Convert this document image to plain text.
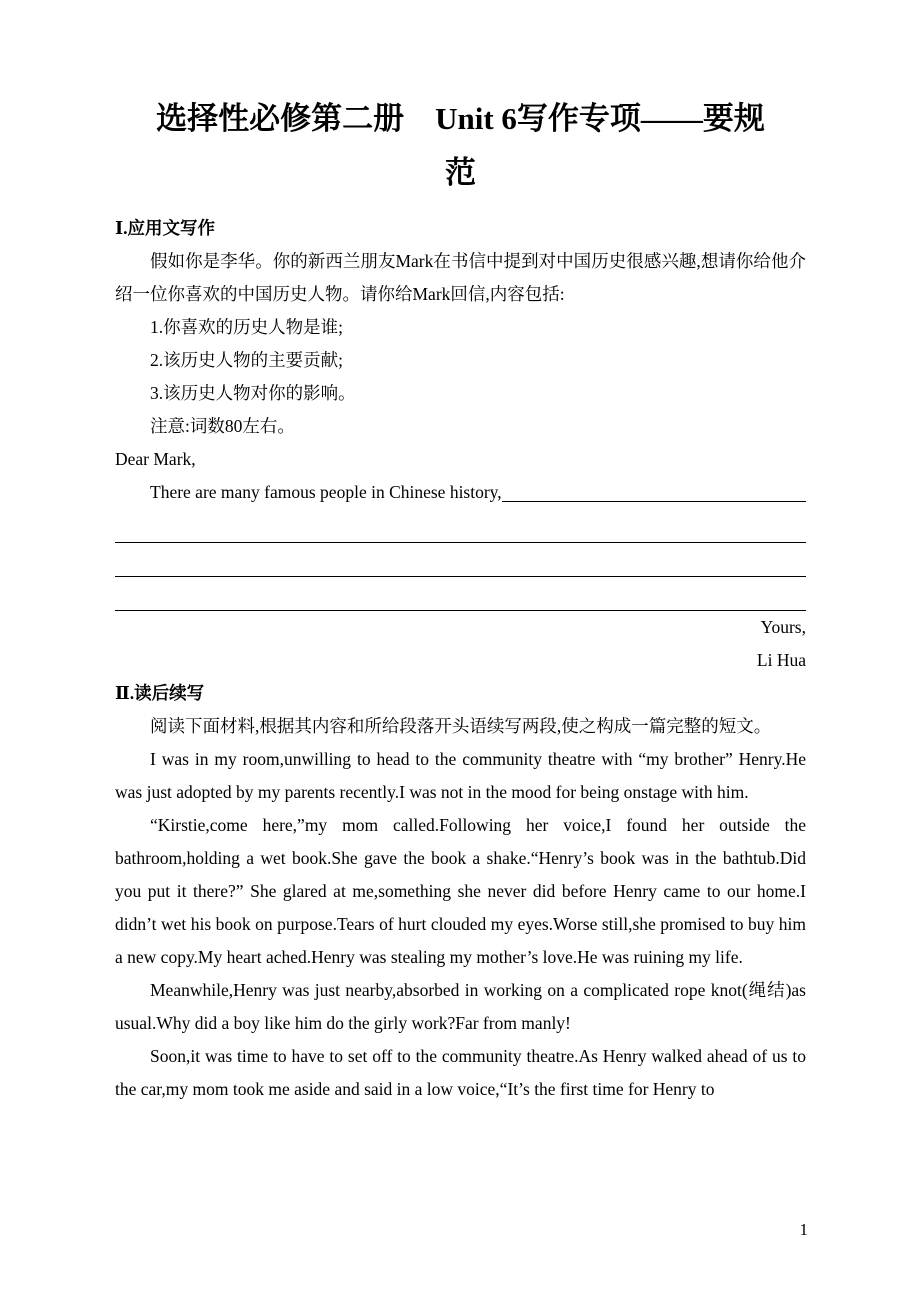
选择性必修第二册　Unit 6写作专项——要规
范
Ⅰ.应用文写作

假如你是李华。你的新西兰朋友Mark在书信中提到对中国历史很感兴趣,想请你给他介绍一位你喜欢的中国历史人物。请你给Mark回信,内容包括:

1.你喜欢的历史人物是谁;

2.该历史人物的主要贡献;

3.该历史人物对你的影响。

注意:词数80左右。

Dear Mark,

There are many famous people in Chinese history,

Yours,

Li Hua

Ⅱ.读后续写

阅读下面材料,根据其内容和所给段落开头语续写两段,使之构成一篇完整的短文。

I was in my room,unwilling to head to the community theatre with “my brother” Henry.He was just adopted by my parents recently.I was not in the mood for being onstage with him.

“Kirstie,come here,”my mom called.Following her voice,I found her outside the bathroom,holding a wet book.She gave the book a shake.“Henry’s book was in the bathtub.Did you put it there?” She glared at me,something she never did before Henry came to our home.I didn’t wet his book on purpose.Tears of hurt clouded my eyes.Worse still,she promised to buy him a new copy.My heart ached.Henry was stealing my mother’s love.He was ruining my life.

Meanwhile,Henry was just nearby,absorbed in working on a complicated rope knot(绳结)as usual.Why did a boy like him do the girly work?Far from manly!

Soon,it was time to have to set off to the community theatre.As Henry walked ahead of us to the car,my mom took me aside and said in a low voice,“It’s the first time for Henry to

1
